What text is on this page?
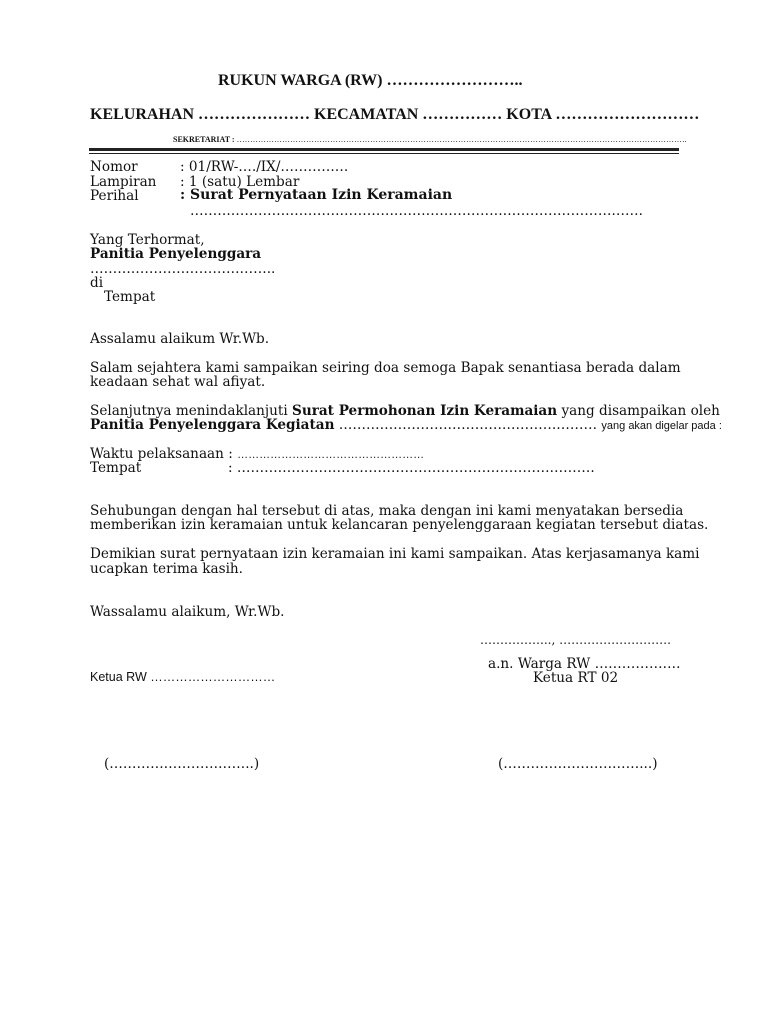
RUKUN WARGA (RW) ……………………..
KELURAHAN ………………… KECAMATAN …………… KOTA ………………………
SEKRETARIAT : …………………………………………………………………………………………………………………………………………………….
Nomor	: 01/RW-…./IX/……………
Lampiran : 1 (satu) Lembar
Perihal	: Surat Pernyataan Izin Keramaian
……………………………………………………………………………………….
Yang Terhormat,
Panitia Penyelenggara
…………………………………..
di
Tempat
Assalamu alaikum Wr.Wb.
Salam sejahtera kami sampaikan seiring doa semoga Bapak senantiasa berada dalam
keadaan sehat wal afiyat.
Selanjutnya menindaklanjuti Surat Permohonan Izin Keramaian yang disampaikan oleh
Panitia Penyelenggara Kegiatan ………………………………………………… yang akan digelar pada :
Waktu pelaksanaan : ……………………………………………
Tempat	: …………………………………………………………………….
Sehubungan dengan hal tersebut di atas, maka dengan ini kami menyatakan bersedia
memberikan izin keramaian untuk kelancaran penyelenggaraan kegiatan tersebut diatas.
Demikian surat pernyataan izin keramaian ini kami sampaikan. Atas kerjasamanya kami
ucapkan terima kasih.
Wassalamu alaikum, Wr.Wb.
……………..., ……………………….
a.n. Warga RW ……………….
Ketua RW …………………………	Ketua RT 02
(…………………………..)	(…………………………...)
